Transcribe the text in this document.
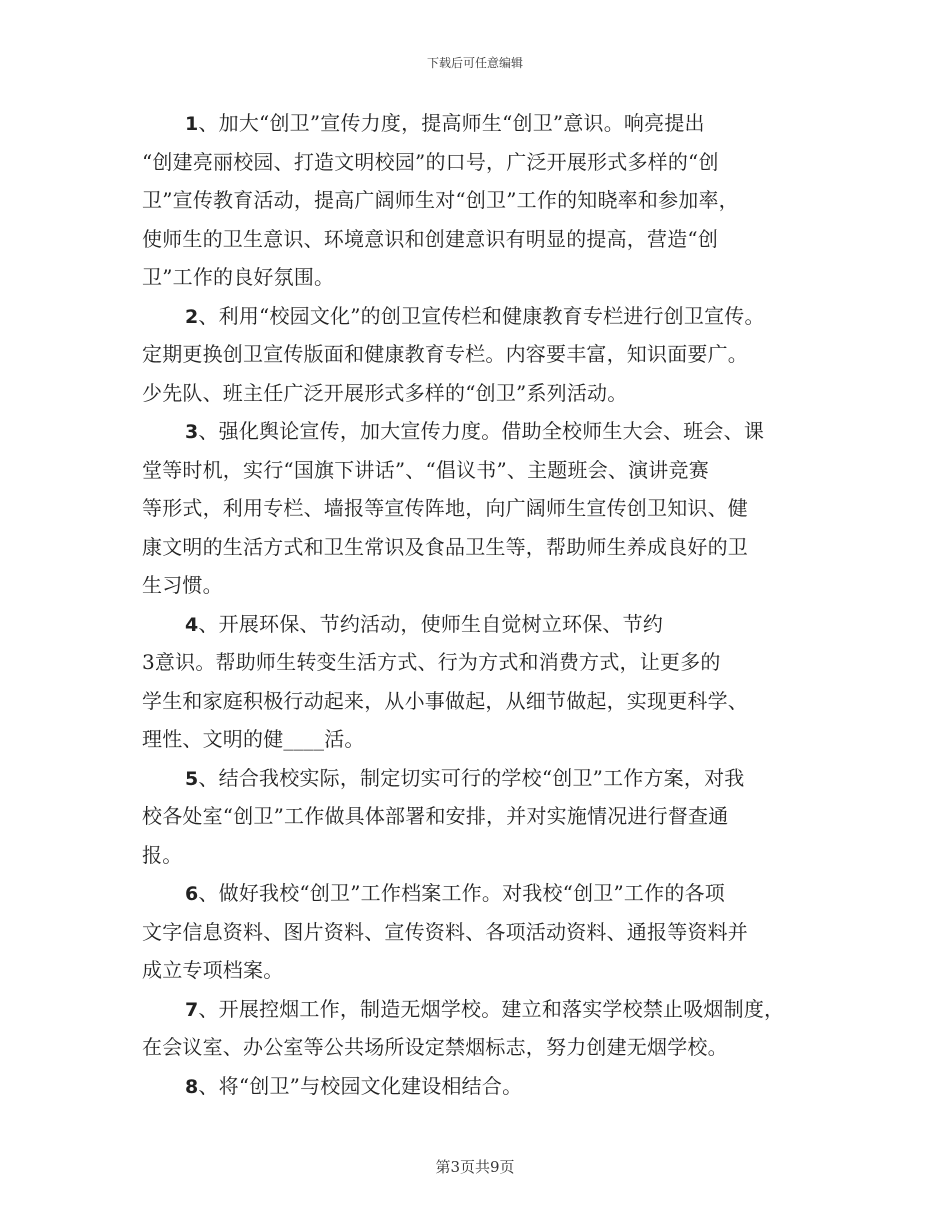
下载后可任意编辑
1、加大“创卫”宣传力度，提高师生“创卫”意识。响亮提出
“创建亮丽校园、打造文明校园”的口号，广泛开展形式多样的“创
卫”宣传教育活动，提高广阔师生对“创卫”工作的知晓率和参加率，
使师生的卫生意识、环境意识和创建意识有明显的提高，营造“创
卫”工作的良好氛围。
2、利用“校园文化”的创卫宣传栏和健康教育专栏进行创卫宣传。
定期更换创卫宣传版面和健康教育专栏。内容要丰富，知识面要广。
少先队、班主任广泛开展形式多样的“创卫”系列活动。
3、强化舆论宣传，加大宣传力度。借助全校师生大会、班会、课
堂等时机，实行“国旗下讲话”、“倡议书”、主题班会、演讲竞赛
等形式，利用专栏、墙报等宣传阵地，向广阔师生宣传创卫知识、健
康文明的生活方式和卫生常识及食品卫生等，帮助师生养成良好的卫
生习惯。
4、开展环保、节约活动，使师生自觉树立环保、节约
3意识。帮助师生转变生活方式、行为方式和消费方式，让更多的
学生和家庭积极行动起来，从小事做起，从细节做起，实现更科学、
理性、文明的健____活。
5、结合我校实际，制定切实可行的学校“创卫”工作方案，对我
校各处室“创卫”工作做具体部署和安排，并对实施情况进行督查通
报。
6、做好我校“创卫”工作档案工作。对我校“创卫”工作的各项
文字信息资料、图片资料、宣传资料、各项活动资料、通报等资料并
成立专项档案。
7、开展控烟工作，制造无烟学校。建立和落实学校禁止吸烟制度，
在会议室、办公室等公共场所设定禁烟标志，努力创建无烟学校。
8、将“创卫”与校园文化建设相结合。
第3页共9页
